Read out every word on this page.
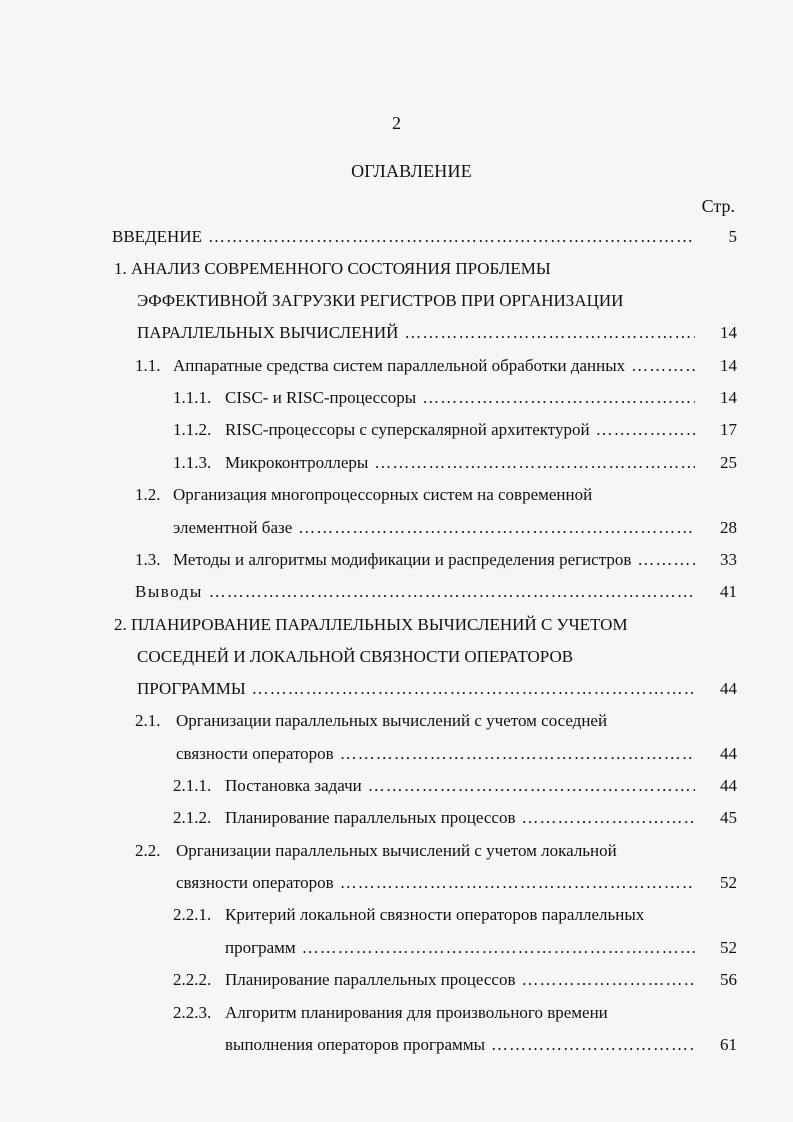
2
ОГЛАВЛЕНИЕ
Стр.
ВВЕДЕНИЕ ……………………………………………………………………………………………………………………………………………………………………………………………	5
1. АНАЛИЗ СОВРЕМЕННОГО СОСТОЯНИЯ ПРОБЛЕМЫ
ЭФФЕКТИВНОЙ ЗАГРУЗКИ РЕГИСТРОВ ПРИ ОРГАНИЗАЦИИ
ПАРАЛЛЕЛЬНЫХ ВЫЧИСЛЕНИЙ ……………………………………………………………………………………………………………………………………………………………………………………………	14
1.1. Аппаратные средства систем параллельной обработки данных ……………………………………………………………………………………………………………………………………………………………………………………………	14
1.1.1. CISC- и RISC-процессоры ……………………………………………………………………………………………………………………………………………………………………………………………	14
1.1.2. RISC-процессоры с суперскалярной архитектурой ……………………………………………………………………………………………………………………………………………………………………………………………	17
1.1.3. Микроконтроллеры ……………………………………………………………………………………………………………………………………………………………………………………………	25
1.2. Организация многопроцессорных систем на современной
элементной базе ……………………………………………………………………………………………………………………………………………………………………………………………	28
1.3. Методы и алгоритмы модификации и распределения регистров ……………………………………………………………………………………………………………………………………………………………………………………………	33
Выводы ……………………………………………………………………………………………………………………………………………………………………………………………	41
2. ПЛАНИРОВАНИЕ ПАРАЛЛЕЛЬНЫХ ВЫЧИСЛЕНИЙ С УЧЕТОМ
СОСЕДНЕЙ И ЛОКАЛЬНОЙ СВЯЗНОСТИ ОПЕРАТОРОВ
ПРОГРАММЫ ……………………………………………………………………………………………………………………………………………………………………………………………	44
2.1. Организации параллельных вычислений с учетом соседней
связности операторов ……………………………………………………………………………………………………………………………………………………………………………………………	44
2.1.1. Постановка задачи ……………………………………………………………………………………………………………………………………………………………………………………………	44
2.1.2. Планирование параллельных процессов ……………………………………………………………………………………………………………………………………………………………………………………………	45
2.2. Организации параллельных вычислений с учетом локальной
связности операторов ……………………………………………………………………………………………………………………………………………………………………………………………	52
2.2.1. Критерий локальной связности операторов параллельных
программ ……………………………………………………………………………………………………………………………………………………………………………………………	52
2.2.2. Планирование параллельных процессов ……………………………………………………………………………………………………………………………………………………………………………………………	56
2.2.3. Алгоритм планирования для произвольного времени
выполнения операторов программы ……………………………………………………………………………………………………………………………………………………………………………………………	61
